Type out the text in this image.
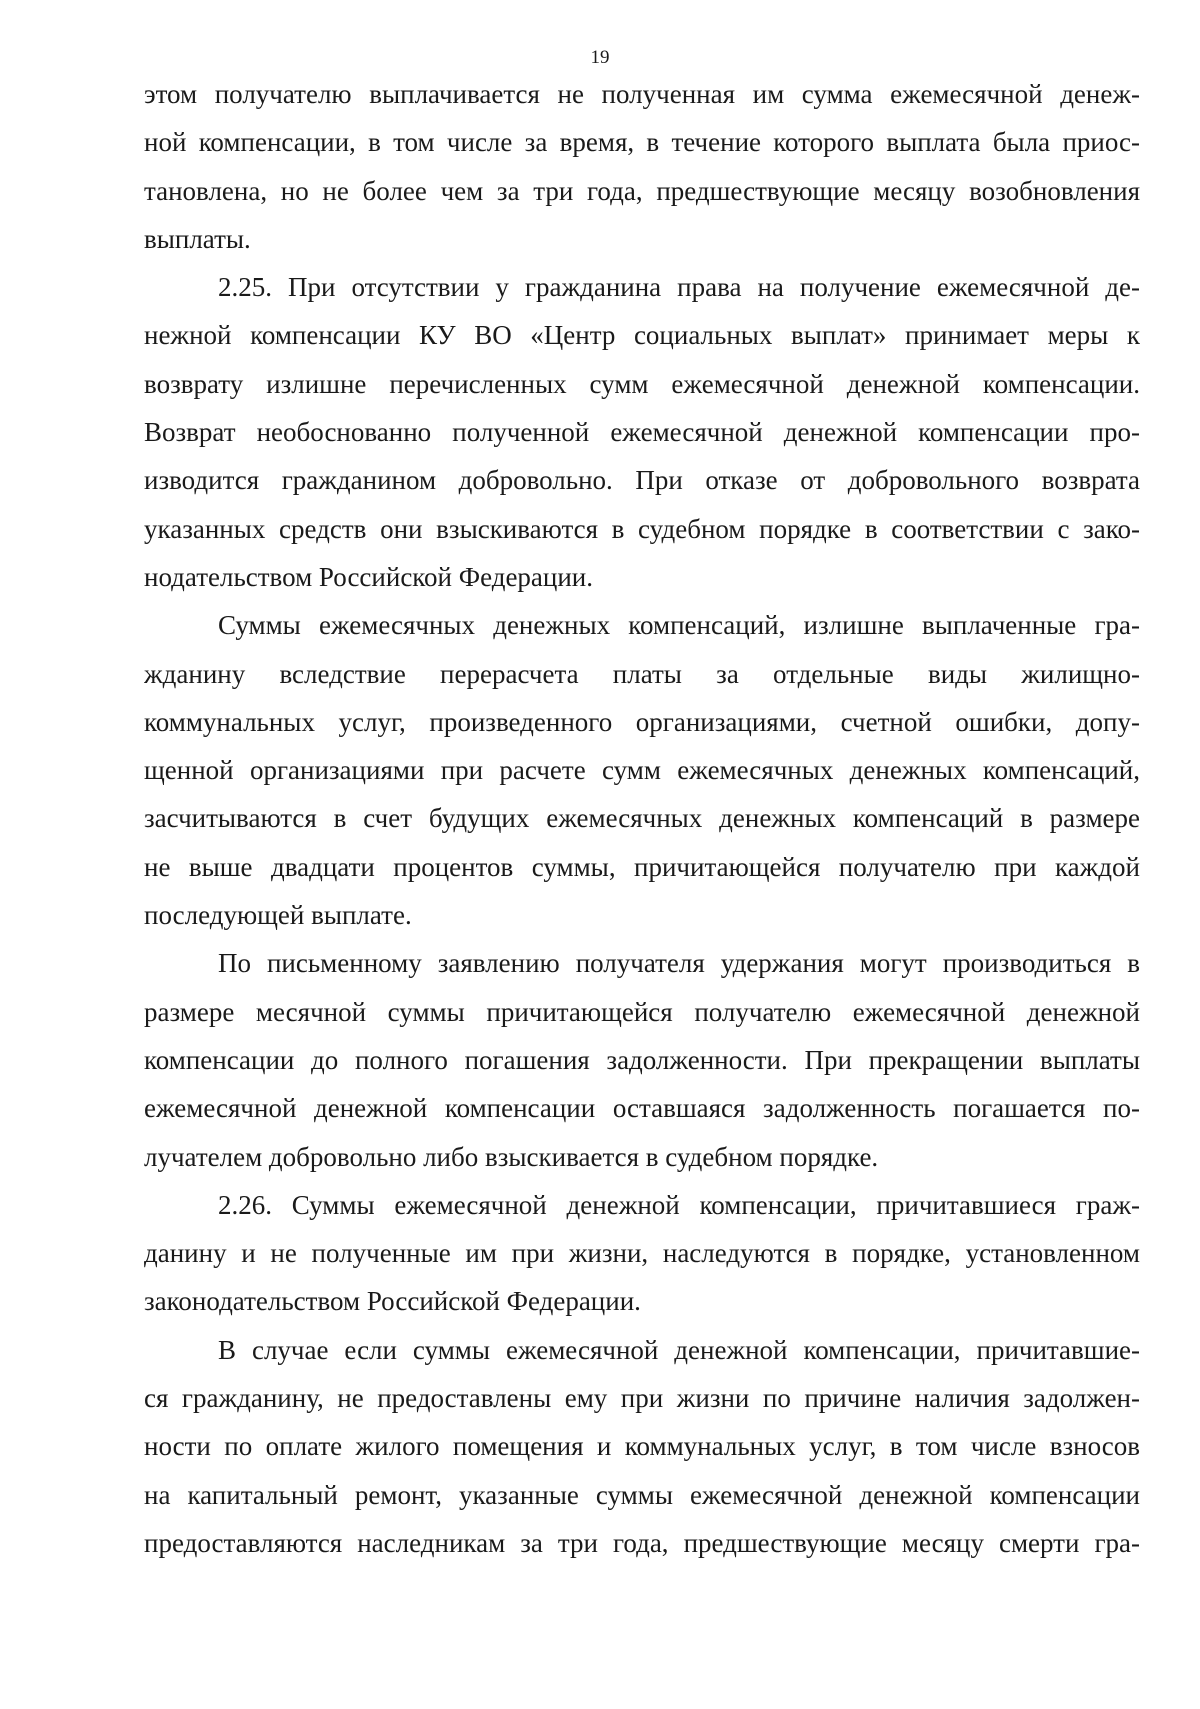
19
этом получателю выплачивается не полученная им сумма ежемесячной денеж-
ной компенсации, в том числе за время, в течение которого выплата была приос-
тановлена, но не более чем за три года, предшествующие месяцу возобновления
выплаты.
2.25. При отсутствии у гражданина права на получение ежемесячной де-
нежной компенсации КУ ВО «Центр социальных выплат» принимает меры к
возврату излишне перечисленных сумм ежемесячной денежной компенсации.
Возврат необоснованно полученной ежемесячной денежной компенсации про-
изводится гражданином добровольно. При отказе от добровольного возврата
указанных средств они взыскиваются в судебном порядке в соответствии с зако-
нодательством Российской Федерации.
Суммы ежемесячных денежных компенсаций, излишне выплаченные гра-
жданину вследствие перерасчета платы за отдельные виды жилищно-
коммунальных услуг, произведенного организациями, счетной ошибки, допу-
щенной организациями при расчете сумм ежемесячных денежных компенсаций,
засчитываются в счет будущих ежемесячных денежных компенсаций в размере
не выше двадцати процентов суммы, причитающейся получателю при каждой
последующей выплате.
По письменному заявлению получателя удержания могут производиться в
размере месячной суммы причитающейся получателю ежемесячной денежной
компенсации до полного погашения задолженности. При прекращении выплаты
ежемесячной денежной компенсации оставшаяся задолженность погашается по-
лучателем добровольно либо взыскивается в судебном порядке.
2.26. Суммы ежемесячной денежной компенсации, причитавшиеся граж-
данину и не полученные им при жизни, наследуются в порядке, установленном
законодательством Российской Федерации.
В случае если суммы ежемесячной денежной компенсации, причитавшие-
ся гражданину, не предоставлены ему при жизни по причине наличия задолжен-
ности по оплате жилого помещения и коммунальных услуг, в том числе взносов
на капитальный ремонт, указанные суммы ежемесячной денежной компенсации
предоставляются наследникам за три года, предшествующие месяцу смерти гра-
